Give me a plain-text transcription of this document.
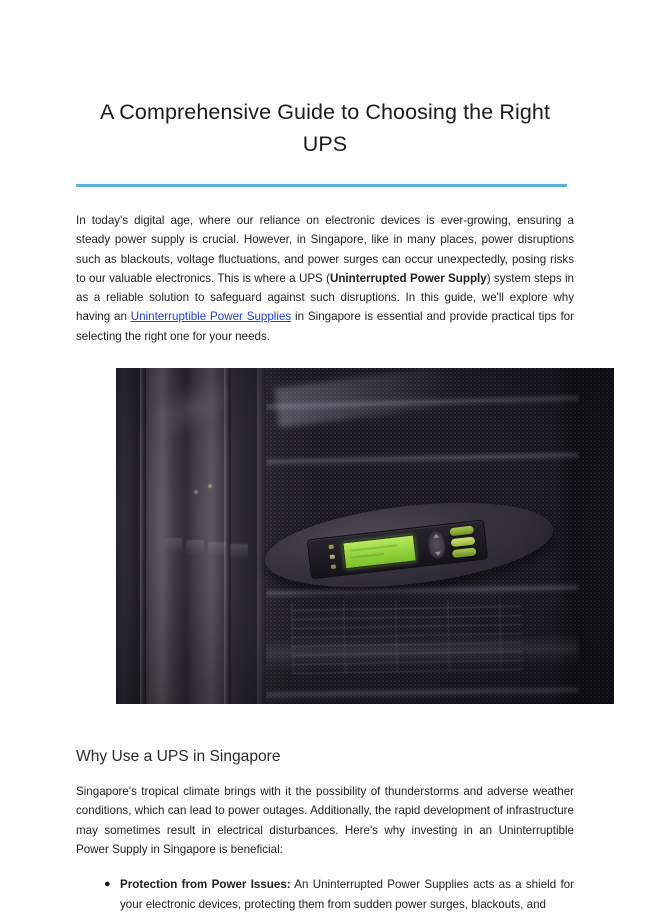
A Comprehensive Guide to Choosing the Right UPS

In today's digital age, where our reliance on electronic devices is ever-growing, ensuring a steady power supply is crucial. However, in Singapore, like in many places, power disruptions such as blackouts, voltage fluctuations, and power surges can occur unexpectedly, posing risks to our valuable electronics. This is where a UPS (Uninterrupted Power Supply) system steps in as a reliable solution to safeguard against such disruptions. In this guide, we'll explore why having an Uninterruptible Power Supplies in Singapore is essential and provide practical tips for selecting the right one for your needs.

Why Use a UPS in Singapore

Singapore's tropical climate brings with it the possibility of thunderstorms and adverse weather conditions, which can lead to power outages. Additionally, the rapid development of infrastructure may sometimes result in electrical disturbances. Here's why investing in an Uninterruptible Power Supply in Singapore is beneficial:

● Protection from Power Issues: An Uninterrupted Power Supplies acts as a shield for your electronic devices, protecting them from sudden power surges, blackouts, and
